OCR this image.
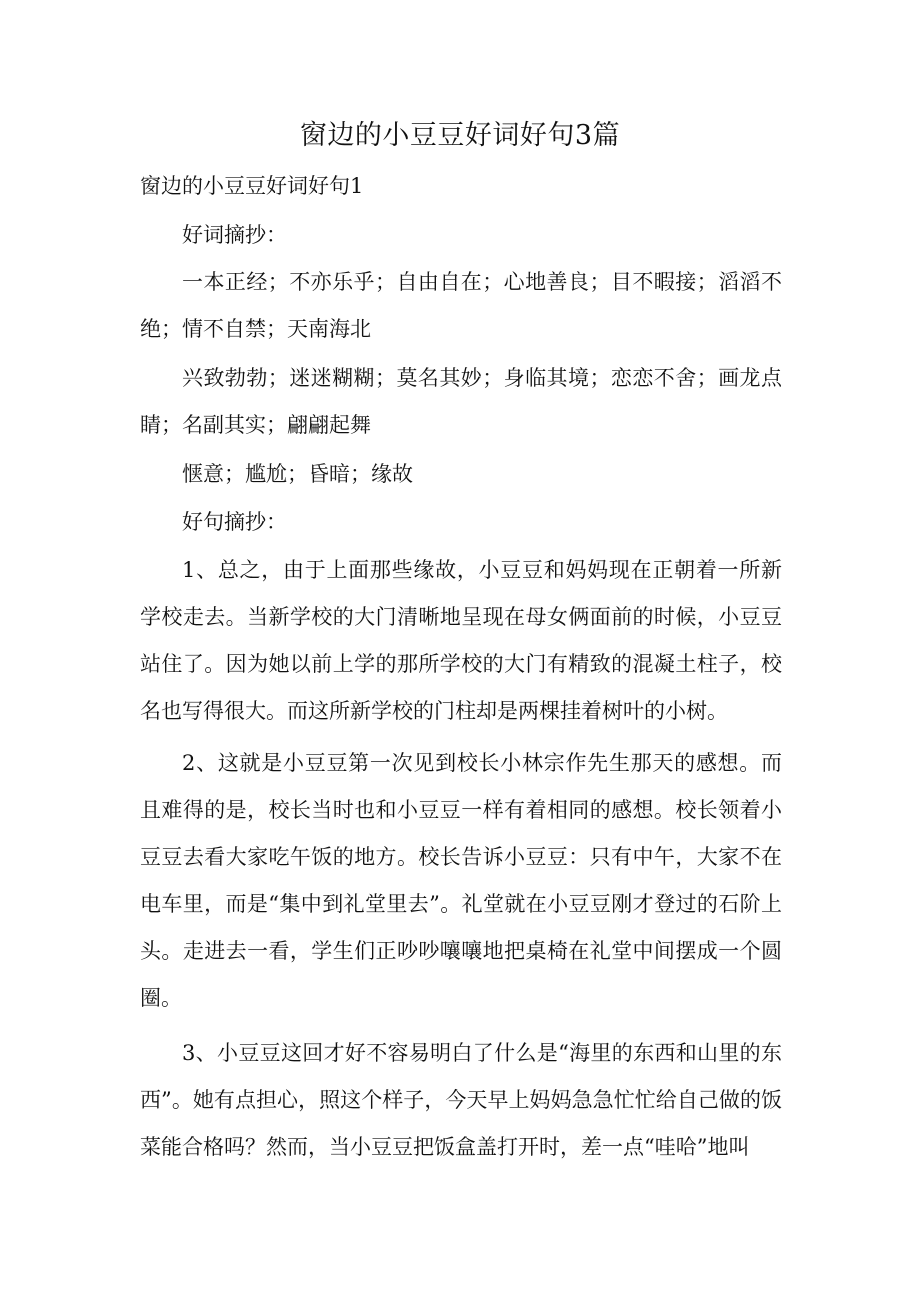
窗边的小豆豆好词好句3篇
窗边的小豆豆好词好句1

好词摘抄：

一本正经；不亦乐乎；自由自在；心地善良；目不暇接；滔滔不绝；情不自禁；天南海北

兴致勃勃；迷迷糊糊；莫名其妙；身临其境；恋恋不舍；画龙点睛；名副其实；翩翩起舞

惬意；尴尬；昏暗；缘故

好句摘抄：

1、总之，由于上面那些缘故，小豆豆和妈妈现在正朝着一所新学校走去。当新学校的大门清晰地呈现在母女俩面前的时候，小豆豆站住了。因为她以前上学的那所学校的大门有精致的混凝土柱子，校名也写得很大。而这所新学校的门柱却是两棵挂着树叶的小树。

2、这就是小豆豆第一次见到校长小林宗作先生那天的感想。而且难得的是，校长当时也和小豆豆一样有着相同的感想。校长领着小豆豆去看大家吃午饭的地方。校长告诉小豆豆：只有中午，大家不在电车里，而是“集中到礼堂里去”。礼堂就在小豆豆刚才登过的石阶上头。走进去一看，学生们正吵吵嚷嚷地把桌椅在礼堂中间摆成一个圆圈。

3、小豆豆这回才好不容易明白了什么是“海里的东西和山里的东西”。她有点担心，照这个样子，今天早上妈妈急急忙忙给自己做的饭菜能合格吗？然而，当小豆豆把饭盒盖打开时，差一点“哇哈”地叫
